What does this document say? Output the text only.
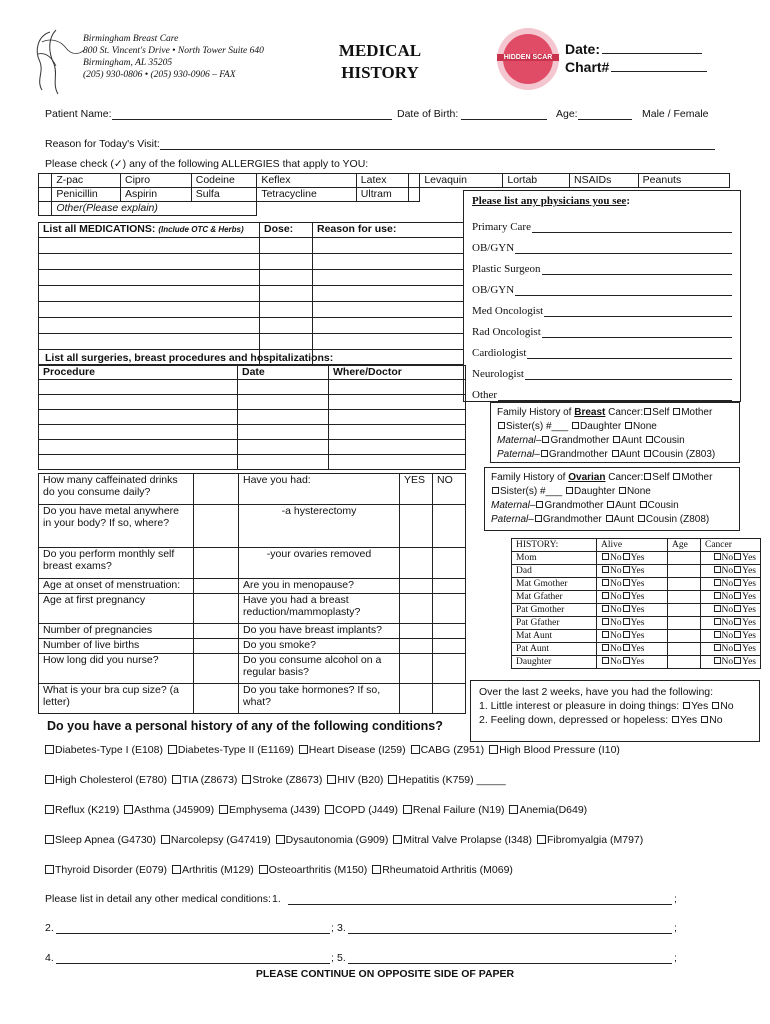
Birmingham Breast Care
800 St. Vincent's Drive • North Tower Suite 640
Birmingham, AL 35205
(205) 930-0806 • (205) 930-0906 – FAX
MEDICAL
HISTORY
HIDDEN SCAR
Date:
Chart#
Patient Name:	Date of Birth:	Age:	Male / Female
Reason for Today's Visit:
Please check (✓) any of the following ALLERGIES that apply to YOU:
	Z-pac	Cipro	Codeine	Keflex	Latex		Levaquin	Lortab	NSAIDs	Peanuts
	Penicillin	Aspirin	Sulfa	Tetracycline	Ultram					
	Other(Please explain)									
List all MEDICATIONS: (Include OTC & Herbs)	Dose:	Reason for use:

Please list any physicians you see:
Primary Care
OB/GYN
Plastic Surgeon
OB/GYN
Med Oncologist
Rad Oncologist
Cardiologist
Neurologist
Other
List all surgeries, breast procedures and hospitalizations:
Procedure	Date	Where/Doctor

Family History of Breast Cancer: Self Mother
Sister(s) #___ Daughter None
Maternal– Grandmother Aunt Cousin
Paternal– Grandmother Aunt Cousin (Z803)
Family History of Ovarian Cancer: Self Mother
Sister(s) #___ Daughter None
Maternal– Grandmother Aunt Cousin
Paternal– Grandmother Aunt Cousin (Z808)
HISTORY:	Alive	Age	Cancer
Mom	No Yes		No Yes
Dad	No Yes		No Yes
Mat Gmother	No Yes		No Yes
Mat Gfather	No Yes		No Yes
Pat Gmother	No Yes		No Yes
Pat Gfather	No Yes		No Yes
Mat Aunt	No Yes		No Yes
Pat Aunt	No Yes		No Yes
Daughter	No Yes		No Yes
How many caffeinated drinks do you consume daily?		Have you had:	YES	NO
Do you have metal anywhere in your body? If so, where?		-a hysterectomy		
Do you perform monthly self breast exams?		-your ovaries removed		
Age at onset of menstruation:		Are you in menopause?		
Age at first pregnancy		Have you had a breast reduction/mammoplasty?		
Number of pregnancies		Do you have breast implants?		
Number of live births		Do you smoke?		
How long did you nurse?		Do you consume alcohol on a regular basis?		
What is your bra cup size? (a letter)		Do you take hormones? If so, what?		
Over the last 2 weeks, have you had the following:
1. Little interest or pleasure in doing things: Yes No
2. Feeling down, depressed or hopeless: Yes No
Do you have a personal history of any of the following conditions?
Diabetes-Type I (E108) Diabetes-Type II (E1169) Heart Disease (I259) CABG (Z951) High Blood Pressure (I10)
High Cholesterol (E780) TIA (Z8673) Stroke (Z8673) HIV (B20) Hepatitis (K759) _____
Reflux (K219) Asthma (J45909) Emphysema (J439) COPD (J449) Renal Failure (N19) Anemia(D649)
Sleep Apnea (G4730) Narcolepsy (G47419) Dysautonomia (G909) Mitral Valve Prolapse (I348) Fibromyalgia (M797)
Thyroid Disorder (E079) Arthritis (M129) Osteoarthritis (M150) Rheumatoid Arthritis (M069)
Please list in detail any other medical conditions: 1.	;
2.	; 3.	;
4.	; 5.	;
PLEASE CONTINUE ON OPPOSITE SIDE OF PAPER
